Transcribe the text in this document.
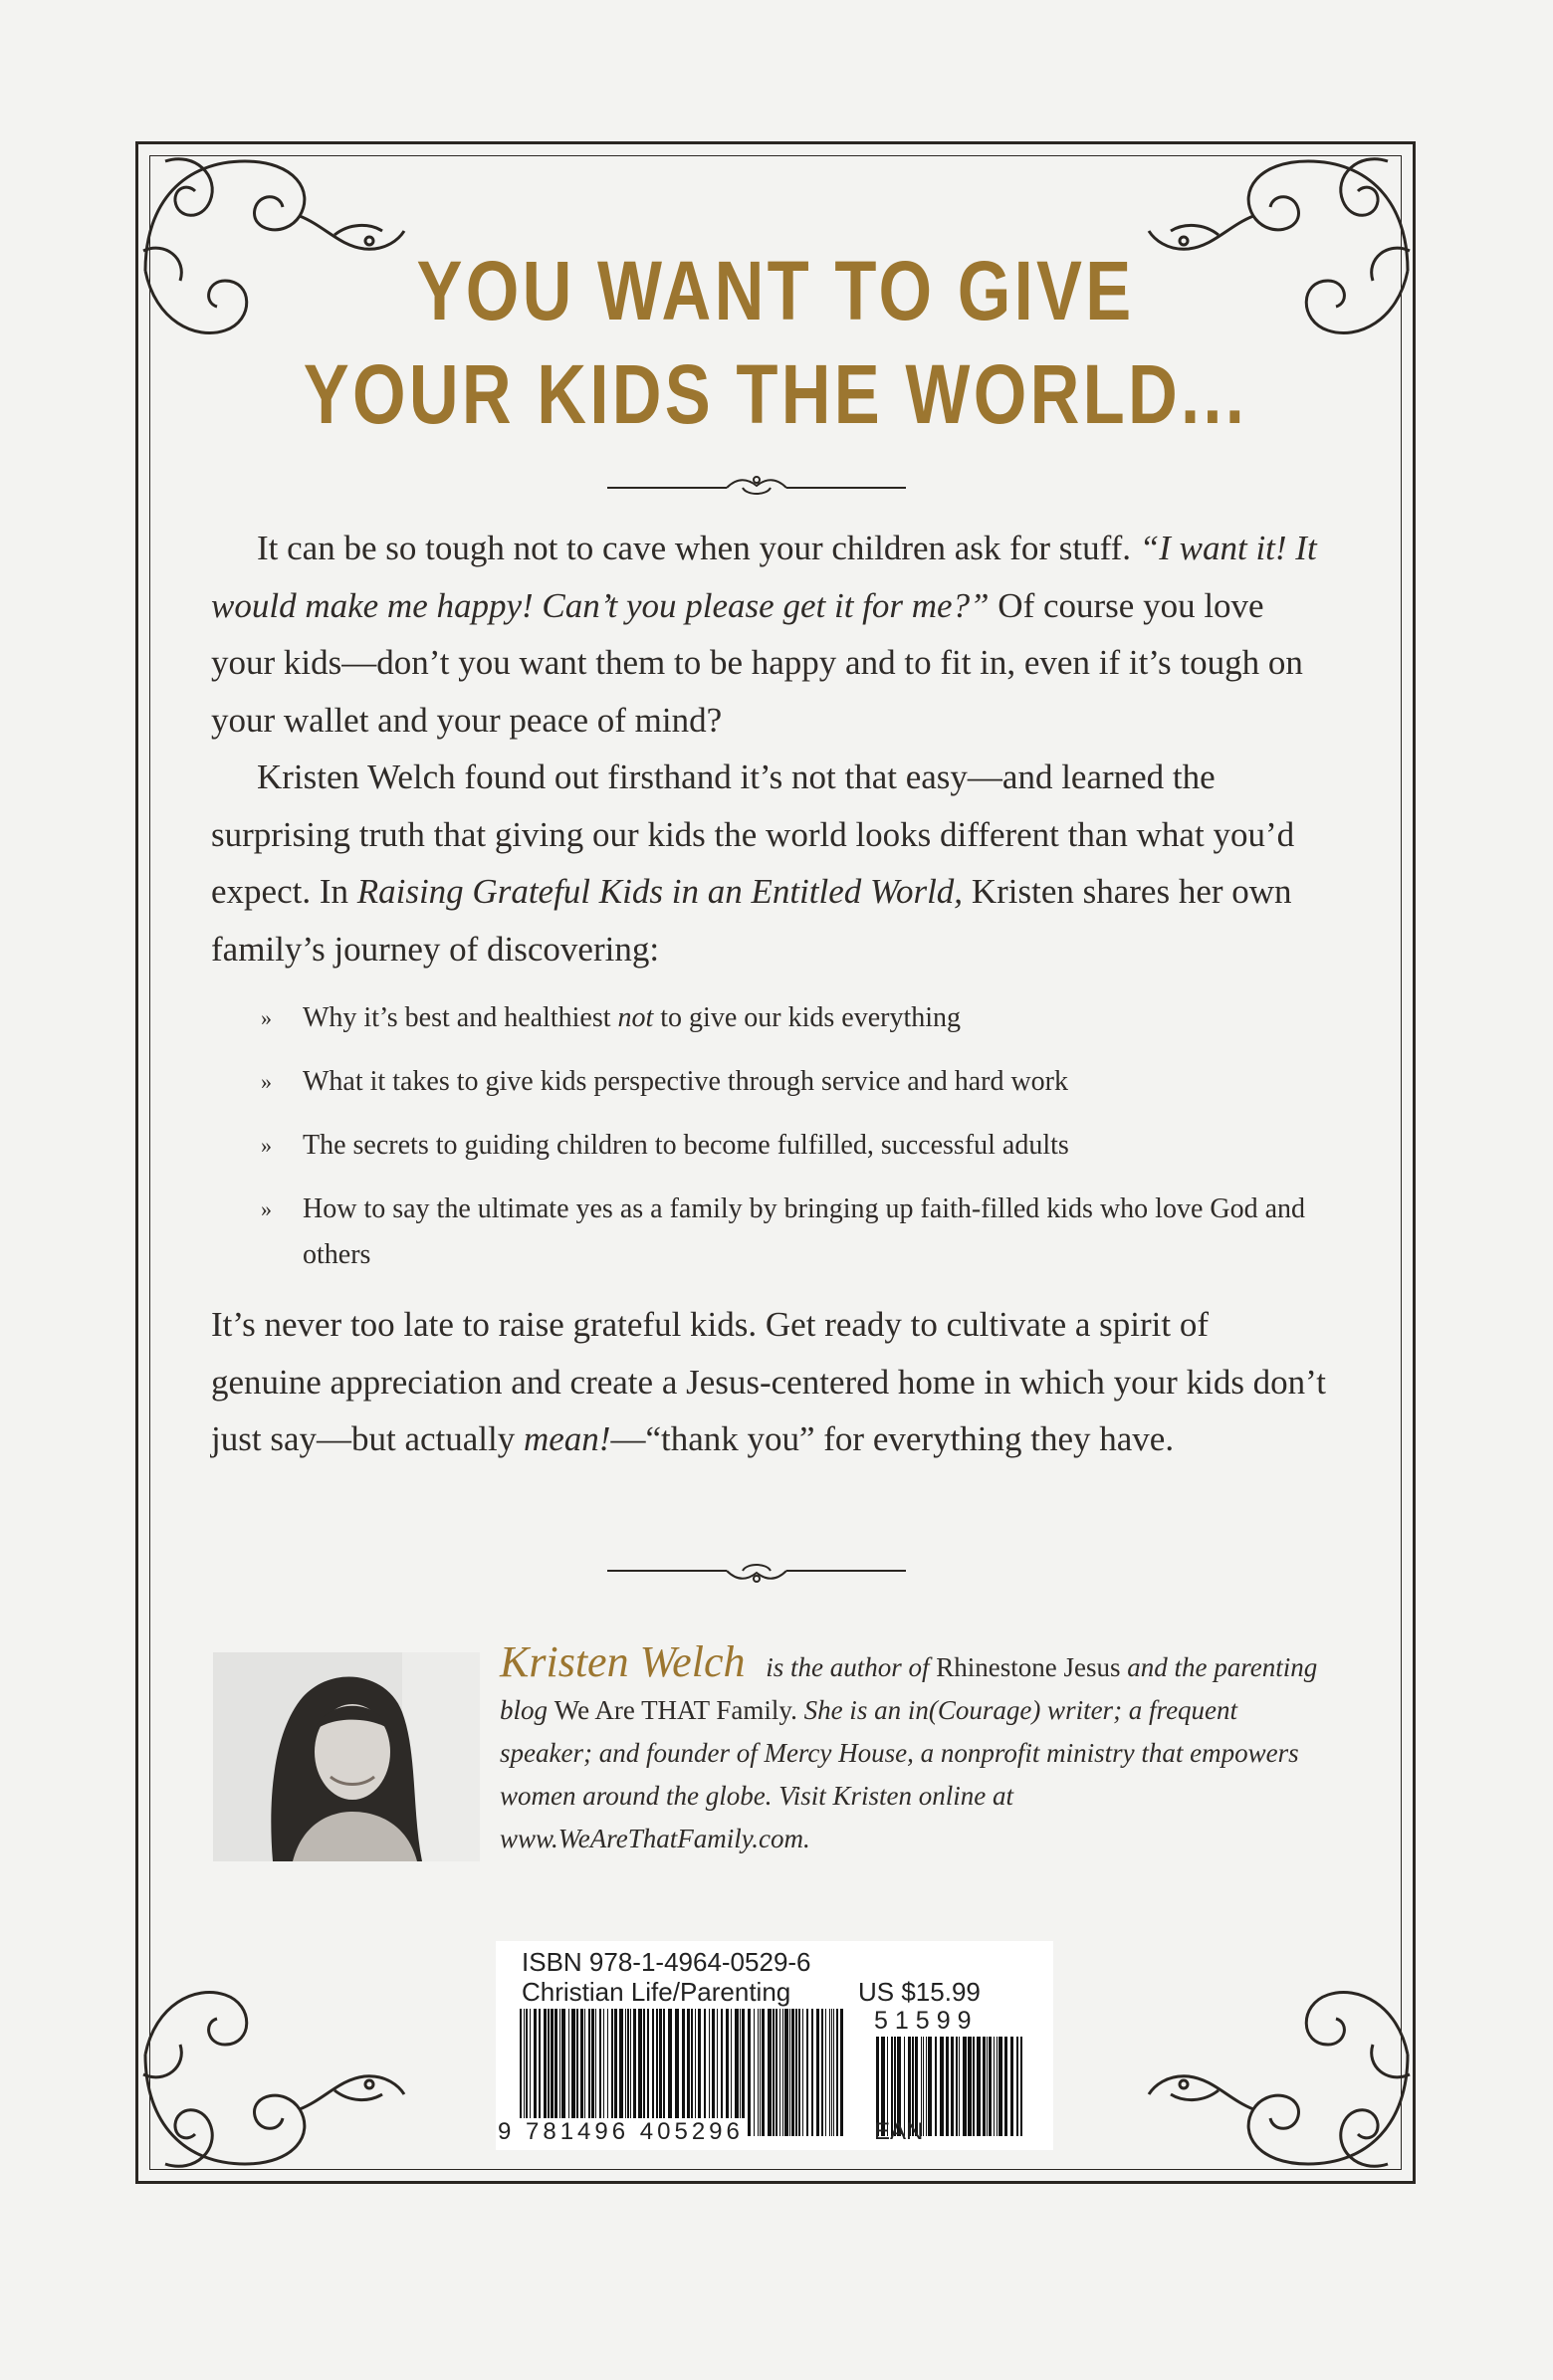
YOU WANT TO GIVE
YOUR KIDS THE WORLD...

It can be so tough not to cave when your children ask for stuff. “I want it! It would make me happy! Can’t you please get it for me?” Of course you love your kids—don’t you want them to be happy and to fit in, even if it’s tough on your wallet and your peace of mind?

Kristen Welch found out firsthand it’s not that easy—and learned the surprising truth that giving our kids the world looks different than what you’d expect. In Raising Grateful Kids in an Entitled World, Kristen shares her own family’s journey of discovering:

» Why it’s best and healthiest not to give our kids everything
» What it takes to give kids perspective through service and hard work
» The secrets to guiding children to become fulfilled, successful adults
» How to say the ultimate yes as a family by bringing up faith-filled kids who love God and others

It’s never too late to raise grateful kids. Get ready to cultivate a spirit of genuine appreciation and create a Jesus-centered home in which your kids don’t just say—but actually mean!—“thank you” for everything they have.

Kristen Welch is the author of Rhinestone Jesus and the parenting blog We Are THAT Family. She is an in(Courage) writer; a frequent speaker; and founder of Mercy House, a nonprofit ministry that empowers women around the globe. Visit Kristen online at www.WeAreThatFamily.com.
ISBN 978-1-4964-0529-6
Christian Life/Parenting	US $15.99
51599
9 781496 405296	EAN
